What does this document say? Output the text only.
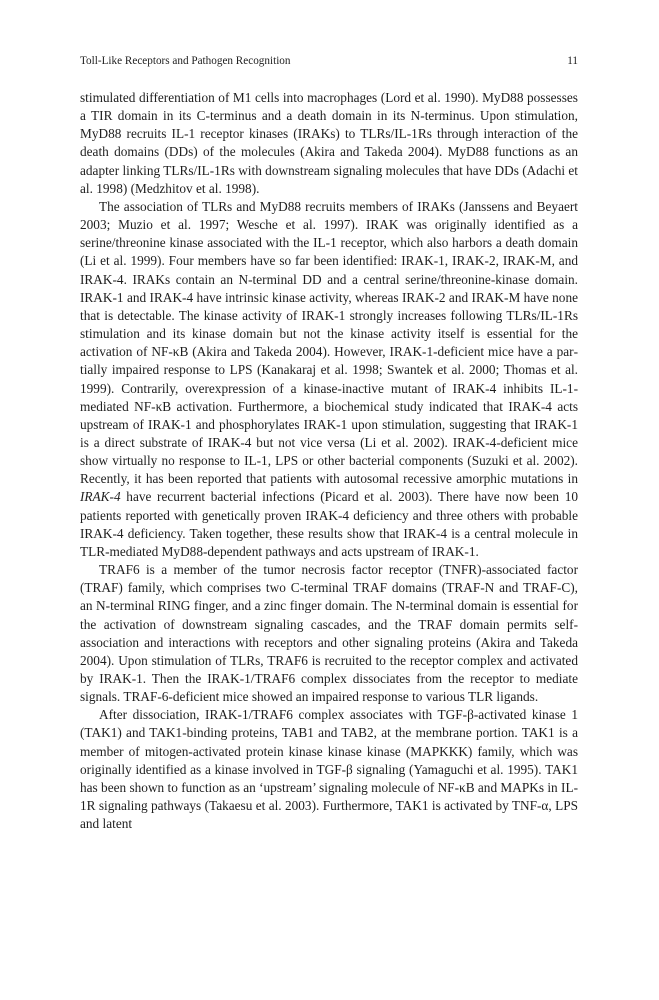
Toll-Like Receptors and Pathogen Recognition	11

stimulated differentiation of M1 cells into macrophages (Lord et al. 1990). MyD88 possesses a TIR domain in its C-terminus and a death domain in its N-terminus. Upon stimulation, MyD88 recruits IL-1 receptor kinases (IRAKs) to TLRs/IL-1Rs through interaction of the death domains (DDs) of the molecules (Akira and Takeda 2004). MyD88 functions as an adapter linking TLRs/IL-1Rs with downstream signaling molecules that have DDs (Adachi et al. 1998) (Medzhitov et al. 1998).

The association of TLRs and MyD88 recruits members of IRAKs (Janssens and Beyaert 2003; Muzio et al. 1997; Wesche et al. 1997). IRAK was originally identified as a serine/threonine kinase associated with the IL-1 receptor, which also harbors a death domain (Li et al. 1999). Four members have so far been identified: IRAK-1, IRAK-2, IRAK-M, and IRAK-4. IRAKs contain an N-terminal DD and a central serine/threonine-kinase domain. IRAK-1 and IRAK-4 have intrinsic kinase activity, whereas IRAK-2 and IRAK-M have none that is detectable. The kinase activity of IRAK-1 strongly increases following TLRs/IL-1Rs stimulation and its kinase domain but not the kinase activity itself is essential for the activation of NF-κB (Akira and Takeda 2004). However, IRAK-1-deficient mice have a partially impaired response to LPS (Kanakaraj et al. 1998; Swantek et al. 2000; Thomas et al. 1999). Contrarily, overexpression of a kinase-inactive mutant of IRAK-4 inhibits IL-1-mediated NF-κB activation. Furthermore, a biochemical study indicated that IRAK-4 acts upstream of IRAK-1 and phosphorylates IRAK-1 upon stimulation, suggesting that IRAK-1 is a direct substrate of IRAK-4 but not vice versa (Li et al. 2002). IRAK-4-deficient mice show virtually no response to IL-1, LPS or other bacterial components (Suzuki et al. 2002). Recently, it has been reported that patients with autosomal recessive amorphic mutations in IRAK-4 have recurrent bacterial infections (Picard et al. 2003). There have now been 10 patients reported with genetically proven IRAK-4 deficiency and three others with probable IRAK-4 deficiency. Taken together, these results show that IRAK-4 is a central molecule in TLR-mediated MyD88-dependent pathways and acts upstream of IRAK-1.

TRAF6 is a member of the tumor necrosis factor receptor (TNFR)-associated factor (TRAF) family, which comprises two C-terminal TRAF domains (TRAF-N and TRAF-C), an N-terminal RING finger, and a zinc finger domain. The N-terminal domain is essential for the activation of downstream signaling cascades, and the TRAF domain permits self-association and interactions with receptors and other signaling proteins (Akira and Takeda 2004). Upon stimulation of TLRs, TRAF6 is recruited to the receptor complex and activated by IRAK-1. Then the IRAK-1/​TRAF6 complex dissociates from the receptor to mediate signals. TRAF-6-deficient mice showed an impaired response to various TLR ligands.

After dissociation, IRAK-1/TRAF6 complex associates with TGF-β-activated kinase 1 (TAK1) and TAK1-binding proteins, TAB1 and TAB2, at the membrane portion. TAK1 is a member of mitogen-activated protein kinase kinase kinase (MAPKKK) family, which was originally identified as a kinase involved in TGF-β signaling (Yamaguchi et al. 1995). TAK1 has been shown to function as an ‘upstream’ signaling molecule of NF-κB and MAPKs in IL-1R signaling pathways (Takaesu et al. 2003). Furthermore, TAK1 is activated by TNF-α, LPS and latent
